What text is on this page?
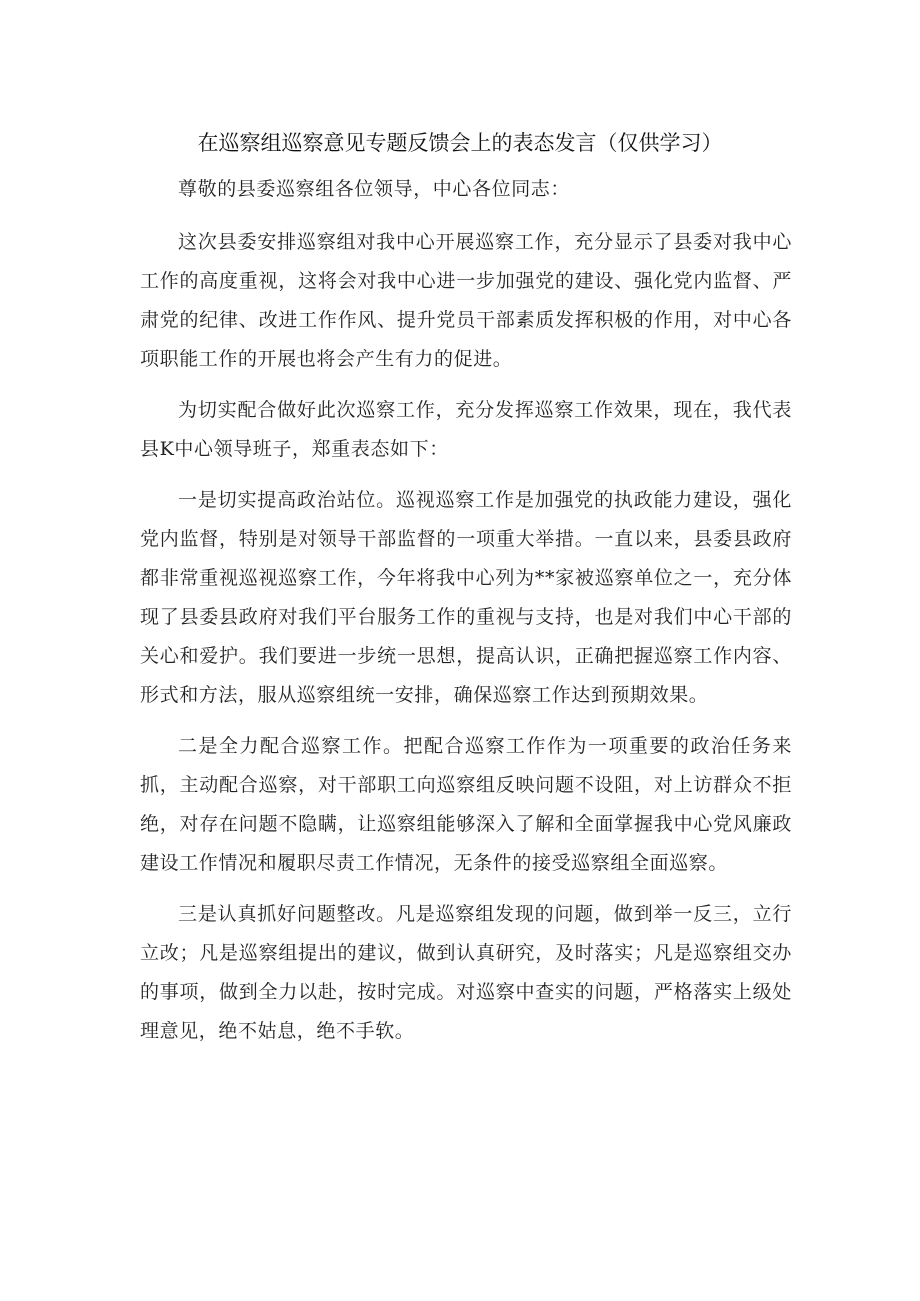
在巡察组巡察意见专题反馈会上的表态发言（仅供学习）

尊敬的县委巡察组各位领导，中心各位同志：

这次县委安排巡察组对我中心开展巡察工作，充分显示了县委对我中心工作的高度重视，这将会对我中心进一步加强党的建设、强化党内监督、严肃党的纪律、改进工作作风、提升党员干部素质发挥积极的作用，对中心各项职能工作的开展也将会产生有力的促进。

为切实配合做好此次巡察工作，充分发挥巡察工作效果，现在，我代表县K中心领导班子，郑重表态如下：

一是切实提高政治站位。巡视巡察工作是加强党的执政能力建设，强化党内监督，特别是对领导干部监督的一项重大举措。一直以来，县委县政府都非常重视巡视巡察工作，今年将我中心列为**家被巡察单位之一，充分体现了县委县政府对我们平台服务工作的重视与支持，也是对我们中心干部的关心和爱护。我们要进一步统一思想，提高认识，正确把握巡察工作内容、形式和方法，服从巡察组统一安排，确保巡察工作达到预期效果。

二是全力配合巡察工作。把配合巡察工作作为一项重要的政治任务来抓，主动配合巡察，对干部职工向巡察组反映问题不设阻，对上访群众不拒绝，对存在问题不隐瞒，让巡察组能够深入了解和全面掌握我中心党风廉政建设工作情况和履职尽责工作情况，无条件的接受巡察组全面巡察。

三是认真抓好问题整改。凡是巡察组发现的问题，做到举一反三，立行立改；凡是巡察组提出的建议，做到认真研究，及时落实；凡是巡察组交办的事项，做到全力以赴，按时完成。对巡察中查实的问题，严格落实上级处理意见，绝不姑息，绝不手软。
